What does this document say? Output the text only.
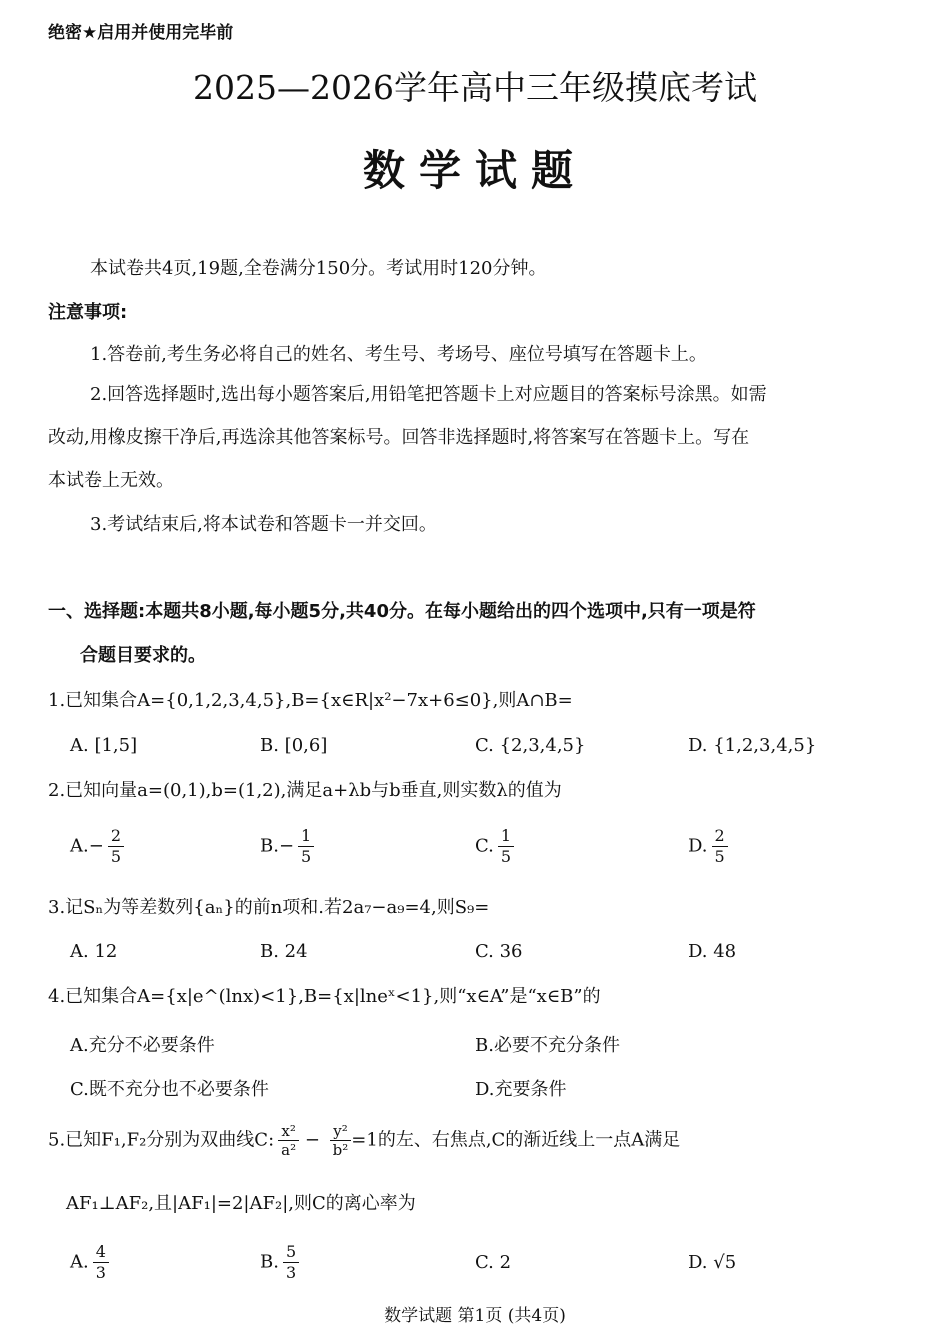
绝密★启用并使用完毕前
2025—2026学年高中三年级摸底考试
数学试题
本试卷共4页,19题,全卷满分150分。考试用时120分钟。
注意事项:
1.答卷前,考生务必将自己的姓名、考生号、考场号、座位号填写在答题卡上。
2.回答选择题时,选出每小题答案后,用铅笔把答题卡上对应题目的答案标号涂黑。如需
改动,用橡皮擦干净后,再选涂其他答案标号。回答非选择题时,将答案写在答题卡上。写在
本试卷上无效。
3.考试结束后,将本试卷和答题卡一并交回。
一、选择题:本题共8小题,每小题5分,共40分。在每小题给出的四个选项中,只有一项是符
合题目要求的。
1.已知集合A={0,1,2,3,4,5},B={x∈R|x²−7x+6≤0},则A∩B=
A. [1,5]	B. [0,6]	C. {2,3,4,5}	D. {1,2,3,4,5}
2.已知向量a=(0,1),b=(1,2),满足a+λb与b垂直,则实数λ的值为
$A.- \frac{2}{5}$	$B.- \frac{1}{5}$	C. $\frac{1}{5}$	D. $\frac{2}{5}$
3.记Sₙ为等差数列{aₙ}的前n项和.若2a₇−a₉=4,则S₉=
A. 12	B. 24	C. 36	D. 48
4.已知集合A={x|e^(lnx)<1},B={x|lneˣ<1},则“x∈A”是“x∈B”的
A.充分不必要条件	B.必要不充分条件
C.既不充分也不必要条件	D.充要条件
5.已知F₁,F₂分别为双曲线C: $\frac{\text{x²}}{\text{a²}} - \frac{\text{y²}}{\text{b²}} =1$的左、右焦点,C的渐近线上一点A满足
AF₁⊥AF₂,且|AF₁|=2|AF₂|,则C的离心率为
A. $\frac{4}{3}$	B. $\frac{5}{3}$	C. 2	D. √5
数学试题 第1页 (共4页)
